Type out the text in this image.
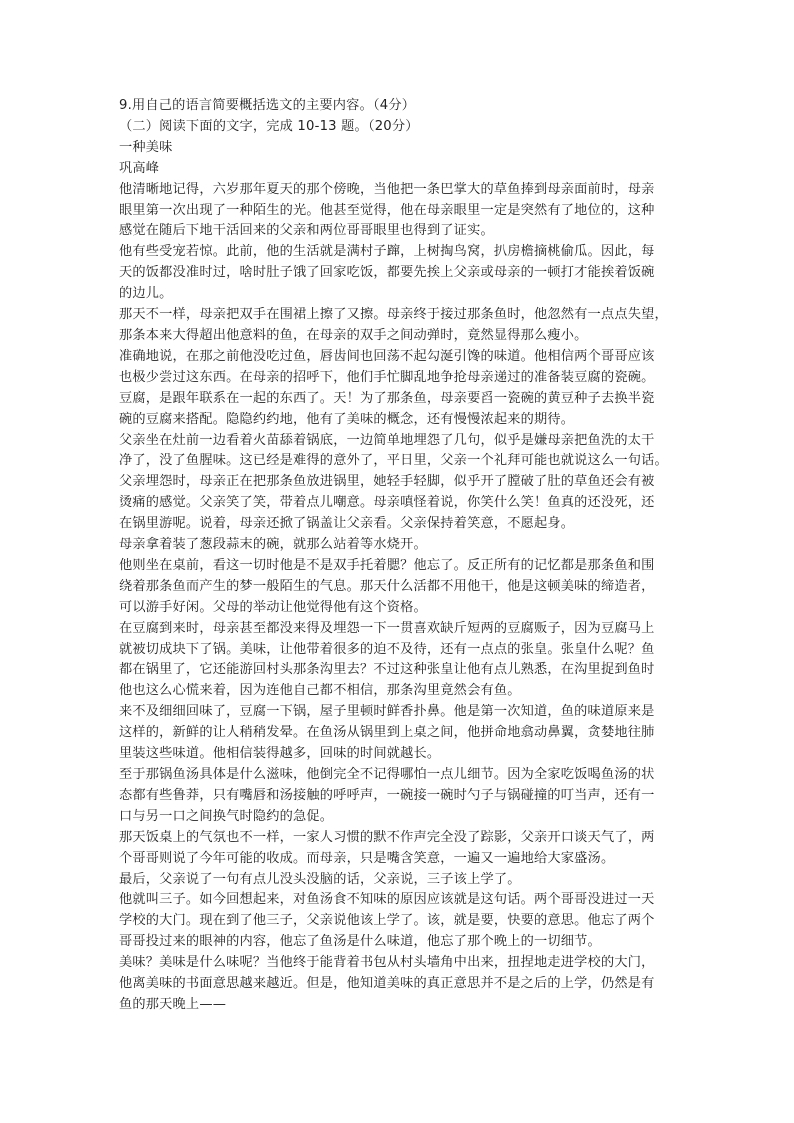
9.用自己的语言简要概括选文的主要内容。（4分）
（二）阅读下面的文字，完成 10-13 题。（20分）
一种美味
巩高峰
他清晰地记得，六岁那年夏天的那个傍晚，当他把一条巴掌大的草鱼捧到母亲面前时，母亲
眼里第一次出现了一种陌生的光。他甚至觉得，他在母亲眼里一定是突然有了地位的，这种
感觉在随后下地干活回来的父亲和两位哥哥眼里也得到了证实。
他有些受宠若惊。此前，他的生活就是满村子蹿，上树掏鸟窝，扒房檐摘桃偷瓜。因此，每
天的饭都没准时过，啥时肚子饿了回家吃饭，都要先挨上父亲或母亲的一顿打才能挨着饭碗
的边儿。
那天不一样，母亲把双手在围裙上擦了又擦。母亲终于接过那条鱼时，他忽然有一点点失望，
那条本来大得超出他意料的鱼，在母亲的双手之间动弹时，竟然显得那么瘦小。
准确地说，在那之前他没吃过鱼，唇齿间也回荡不起勾涎引馋的味道。他相信两个哥哥应该
也极少尝过这东西。在母亲的招呼下，他们手忙脚乱地争抢母亲递过的准备装豆腐的瓷碗。
豆腐，是跟年联系在一起的东西了。天！为了那条鱼，母亲要舀一瓷碗的黄豆种子去换半瓷
碗的豆腐来搭配。隐隐约约地，他有了美味的概念，还有慢慢浓起来的期待。
父亲坐在灶前一边看着火苗舔着锅底，一边简单地埋怨了几句，似乎是嫌母亲把鱼洗的太干
净了，没了鱼腥味。这已经是难得的意外了，平日里，父亲一个礼拜可能也就说这么一句话。
父亲埋怨时，母亲正在把那条鱼放进锅里，她轻手轻脚，似乎开了膛破了肚的草鱼还会有被
烫痛的感觉。父亲笑了笑，带着点儿嘲意。母亲嗔怪着说，你笑什么笑！鱼真的还没死，还
在锅里游呢。说着，母亲还掀了锅盖让父亲看。父亲保持着笑意，不愿起身。
母亲拿着装了葱段蒜末的碗，就那么站着等水烧开。
他则坐在桌前，看这一切时他是不是双手托着腮？他忘了。反正所有的记忆都是那条鱼和围
绕着那条鱼而产生的梦一般陌生的气息。那天什么活都不用他干，他是这顿美味的缔造者，
可以游手好闲。父母的举动让他觉得他有这个资格。
在豆腐到来时，母亲甚至都没来得及埋怨一下一贯喜欢缺斤短两的豆腐贩子，因为豆腐马上
就被切成块下了锅。美味，让他带着很多的迫不及待，还有一点点的张皇。张皇什么呢？鱼
都在锅里了，它还能游回村头那条沟里去？不过这种张皇让他有点儿熟悉，在沟里捉到鱼时
他也这么心慌来着，因为连他自己都不相信，那条沟里竟然会有鱼。
来不及细细回味了，豆腐一下锅，屋子里顿时鲜香扑鼻。他是第一次知道，鱼的味道原来是
这样的，新鲜的让人稍稍发晕。在鱼汤从锅里到上桌之间，他拼命地翕动鼻翼，贪婪地往肺
里装这些味道。他相信装得越多，回味的时间就越长。
至于那锅鱼汤具体是什么滋味，他倒完全不记得哪怕一点儿细节。因为全家吃饭喝鱼汤的状
态都有些鲁莽，只有嘴唇和汤接触的呼呼声，一碗接一碗时勺子与锅碰撞的叮当声，还有一
口与另一口之间换气时隐约的急促。
那天饭桌上的气氛也不一样，一家人习惯的默不作声完全没了踪影，父亲开口谈天气了，两
个哥哥则说了今年可能的收成。而母亲，只是嘴含笑意，一遍又一遍地给大家盛汤。
最后，父亲说了一句有点儿没头没脑的话，父亲说，三子该上学了。
他就叫三子。如今回想起来，对鱼汤食不知味的原因应该就是这句话。两个哥哥没进过一天
学校的大门。现在到了他三子，父亲说他该上学了。该，就是要，快要的意思。他忘了两个
哥哥投过来的眼神的内容，他忘了鱼汤是什么味道，他忘了那个晚上的一切细节。
美味？美味是什么味呢？当他终于能背着书包从村头墙角中出来，扭捏地走进学校的大门，
他离美味的书面意思越来越近。但是，他知道美味的真正意思并不是之后的上学，仍然是有
鱼的那天晚上——
